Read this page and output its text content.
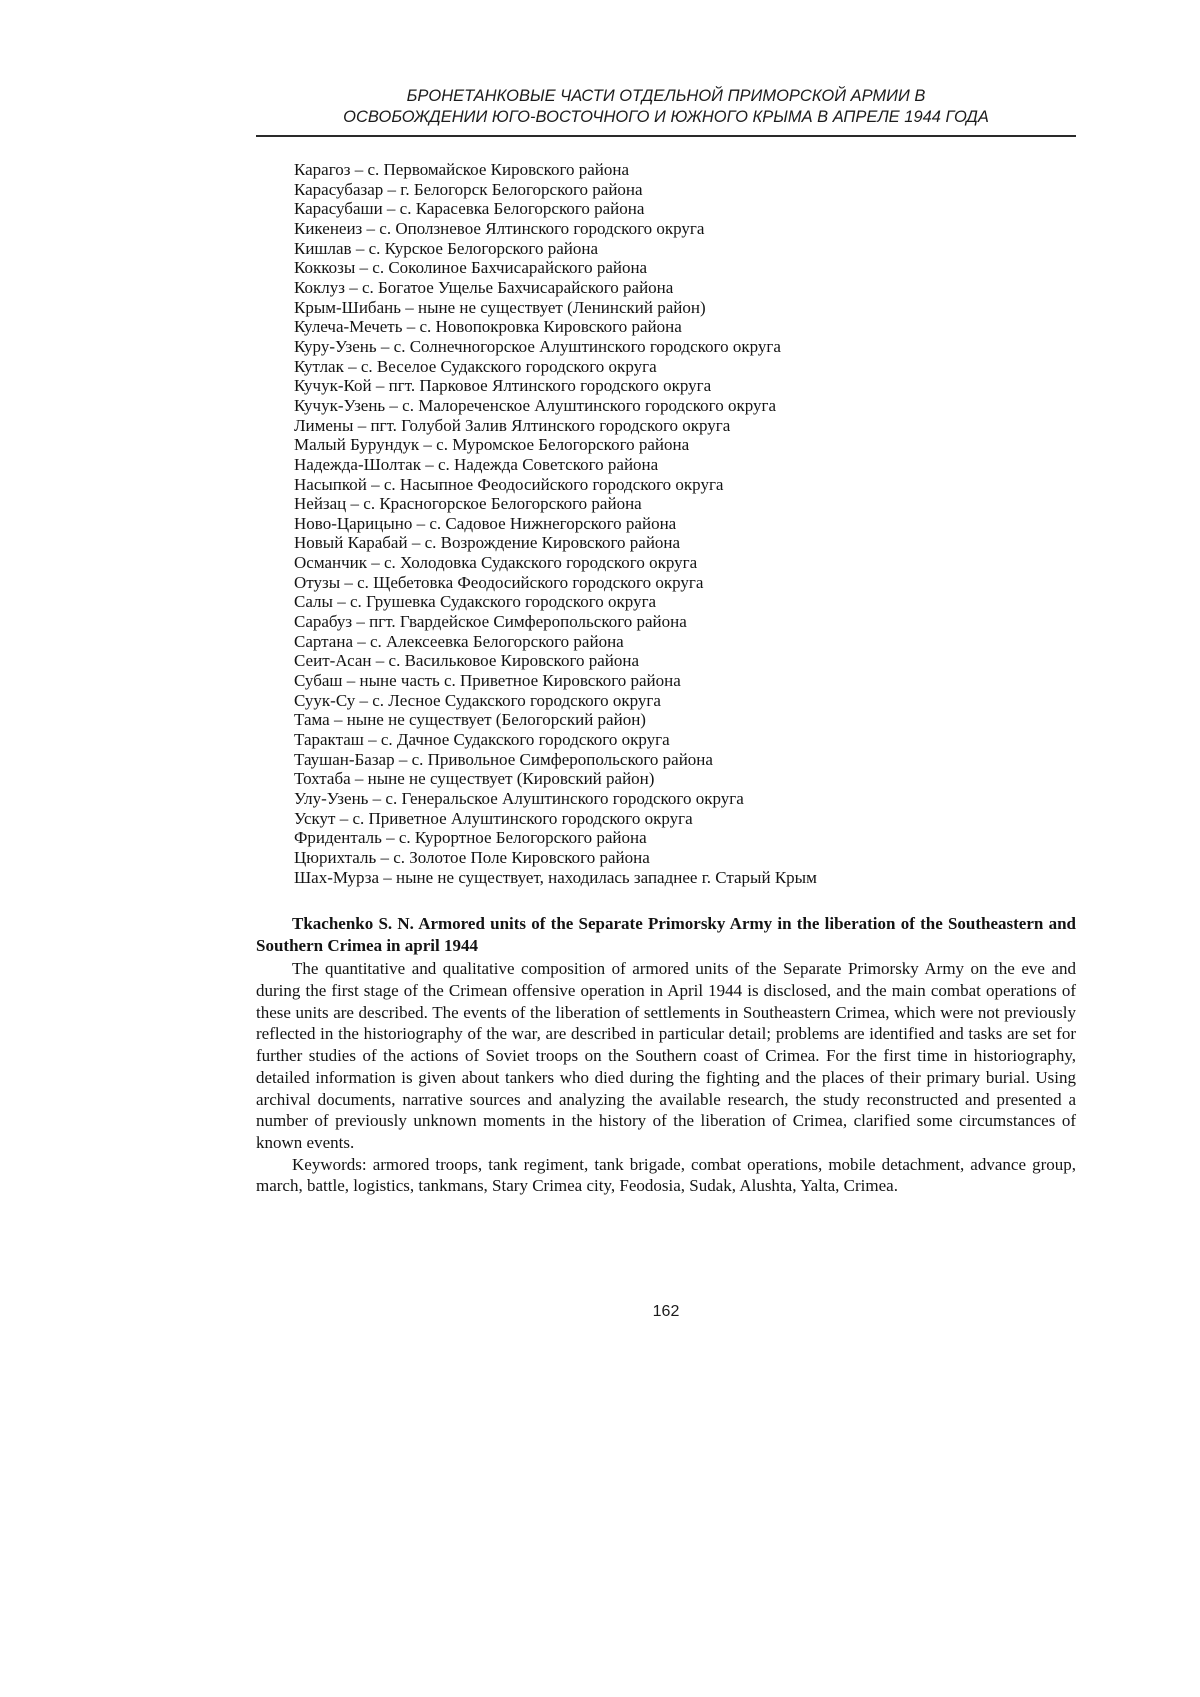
БРОНЕТАНКОВЫЕ ЧАСТИ ОТДЕЛЬНОЙ ПРИМОРСКОЙ АРМИИ В
ОСВОБОЖДЕНИИ ЮГО-ВОСТОЧНОГО И ЮЖНОГО КРЫМА В АПРЕЛЕ 1944 ГОДА
Карагоз – с. Первомайское Кировского района
Карасубазар – г. Белогорск Белогорского района
Карасубаши – с. Карасевка Белогорского района
Кикенеиз – с. Оползневое Ялтинского городского округа
Кишлав – с. Курское Белогорского района
Коккозы – с. Соколиное Бахчисарайского района
Коклуз – с. Богатое Ущелье Бахчисарайского района
Крым-Шибань – ныне не существует (Ленинский район)
Кулеча-Мечеть – с. Новопокровка Кировского района
Куру-Узень – с. Солнечногорское Алуштинского городского округа
Кутлак – с. Веселое Судакского городского округа
Кучук-Кой – пгт. Парковое Ялтинского городского округа
Кучук-Узень – с. Малореченское Алуштинского городского округа
Лимены – пгт. Голубой Залив Ялтинского городского округа
Малый Бурундук – с. Муромское Белогорского района
Надежда-Шолтак – с. Надежда Советского района
Насыпкой – с. Насыпное Феодосийского городского округа
Нейзац – с. Красногорское Белогорского района
Ново-Царицыно – с. Садовое Нижнегорского района
Новый Карабай – с. Возрождение Кировского района
Османчик – с. Холодовка Судакского городского округа
Отузы – с. Щебетовка Феодосийского городского округа
Салы – с. Грушевка Судакского городского округа
Сарабуз – пгт. Гвардейское Симферопольского района
Сартана – с. Алексеевка Белогорского района
Сеит-Асан – с. Васильковое Кировского района
Субаш – ныне часть с. Приветное Кировского района
Суук-Су – с. Лесное Судакского городского округа
Тама – ныне не существует (Белогорский район)
Таракташ – с. Дачное Судакского городского округа
Таушан-Базар – с. Привольное Симферопольского района
Тохтаба – ныне не существует (Кировский район)
Улу-Узень – с. Генеральское Алуштинского городского округа
Ускут – с. Приветное Алуштинского городского округа
Фриденталь – с. Курортное Белогорского района
Цюрихталь – с. Золотое Поле Кировского района
Шах-Мурза – ныне не существует, находилась западнее г. Старый Крым

Tkachenko S. N. Armored units of the Separate Primorsky Army in the liberation of the Southeastern and Southern Crimea in april 1944

The quantitative and qualitative composition of armored units of the Separate Primorsky Army on the eve and during the first stage of the Crimean offensive operation in April 1944 is disclosed, and the main combat operations of these units are described. The events of the liberation of settlements in Southeastern Crimea, which were not previously reflected in the historiography of the war, are described in particular detail; problems are identified and tasks are set for further studies of the actions of Soviet troops on the Southern coast of Crimea. For the first time in historiography, detailed information is given about tankers who died during the fighting and the places of their primary burial. Using archival documents, narrative sources and analyzing the available research, the study reconstructed and presented a number of previously unknown moments in the history of the liberation of Crimea, clarified some circumstances of known events.

Keywords: armored troops, tank regiment, tank brigade, combat operations, mobile detachment, advance group, march, battle, logistics, tankmans, Stary Crimea city, Feodosia, Sudak, Alushta, Yalta, Crimea.

162
